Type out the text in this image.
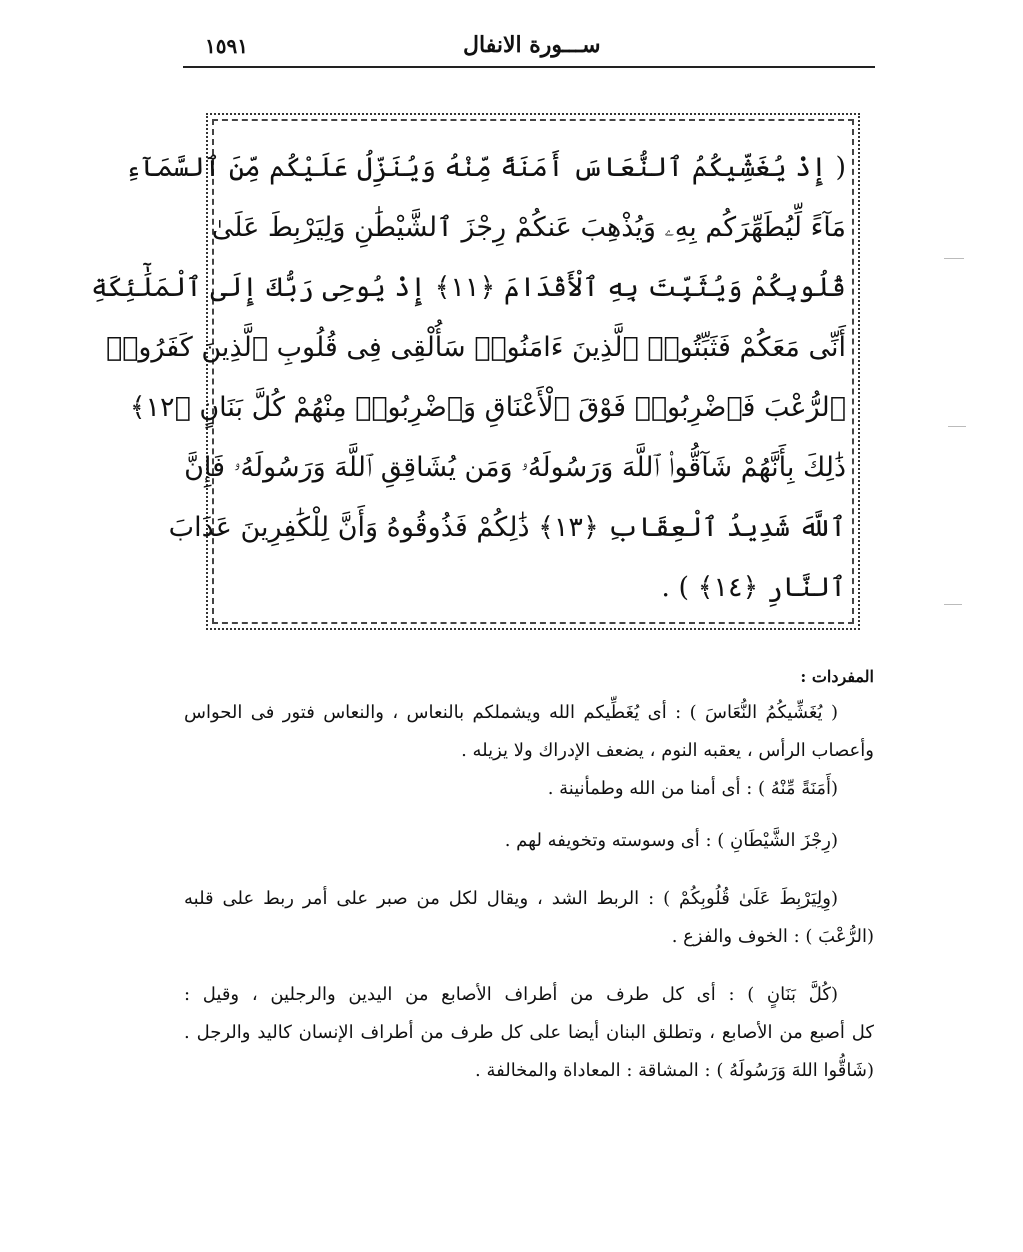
١٥٩١	ســـورة الانفال
( إِذْ يُغَشِّيكُمُ ٱلنُّعَاسَ أَمَنَةً مِّنْهُ وَيُنَزِّلُ عَلَيْكُم مِّنَ ٱلسَّمَآءِ
مَآءً لِّيُطَهِّرَكُم بِهِۦ وَيُذْهِبَ عَنكُمْ رِجْزَ ٱلشَّيْطَٰنِ وَلِيَرْبِطَ عَلَىٰ
قُلُوبِكُمْ وَيُثَبِّتَ بِهِ ٱلْأَقْدَامَ ﴿١١﴾ إِذْ يُوحِى رَبُّكَ إِلَى ٱلْمَلَٰٓئِكَةِ
أَنِّى مَعَكُمْ فَثَبِّتُوا۟ ٱلَّذِينَ ءَامَنُوا۟ سَأُلْقِى فِى قُلُوبِ ٱلَّذِينَ كَفَرُوا۟
ٱلرُّعْبَ فَٱضْرِبُوا۟ فَوْقَ ٱلْأَعْنَاقِ وَٱضْرِبُوا۟ مِنْهُمْ كُلَّ بَنَانٍ ﴿١٢﴾
ذَٰلِكَ بِأَنَّهُمْ شَآقُّوا۟ ٱللَّهَ وَرَسُولَهُۥ وَمَن يُشَاقِقِ ٱللَّهَ وَرَسُولَهُۥ فَإِنَّ
ٱللَّهَ شَدِيدُ ٱلْعِقَابِ ﴿١٣﴾ ذَٰلِكُمْ فَذُوقُوهُ وَأَنَّ لِلْكَٰفِرِينَ عَذَابَ
ٱلنَّارِ ﴿١٤﴾ ) .
المفردات :
( يُغَشِّيكُمُ النُّعَاسَ ) : أى يُغَطِّيكم الله ويشملكم بالنعاس ، والنعاس فتور فى الحواس
وأعصاب الرأس ، يعقبه النوم ، يضعف الإدراك ولا يزيله .
(أَمَنَةً مِّنْهُ ) : أى أمنا من الله وطمأنينة .
(رِجْزَ الشَّيْطَانِ ) : أى وسوسته وتخويفه لهم .
(وِلِيَرْبِطَ عَلَىٰ قُلُوبِكُمْ ) : الربط الشد ، ويقال لكل من صبر على أمر ربط على قلبه
(الرُّعْبَ ) : الخوف والفزع .
(كُلَّ بَنَانٍ ) : أى كل طرف من أطراف الأصابع من اليدين والرجلين ، وقيل :
كل أصبع من الأصابع ، وتطلق البنان أيضا على كل طرف من أطراف الإنسان كاليد والرجل .
(شَاقُّوا اللهَ وَرَسُولَهُ ) : المشاقة : المعاداة والمخالفة .
